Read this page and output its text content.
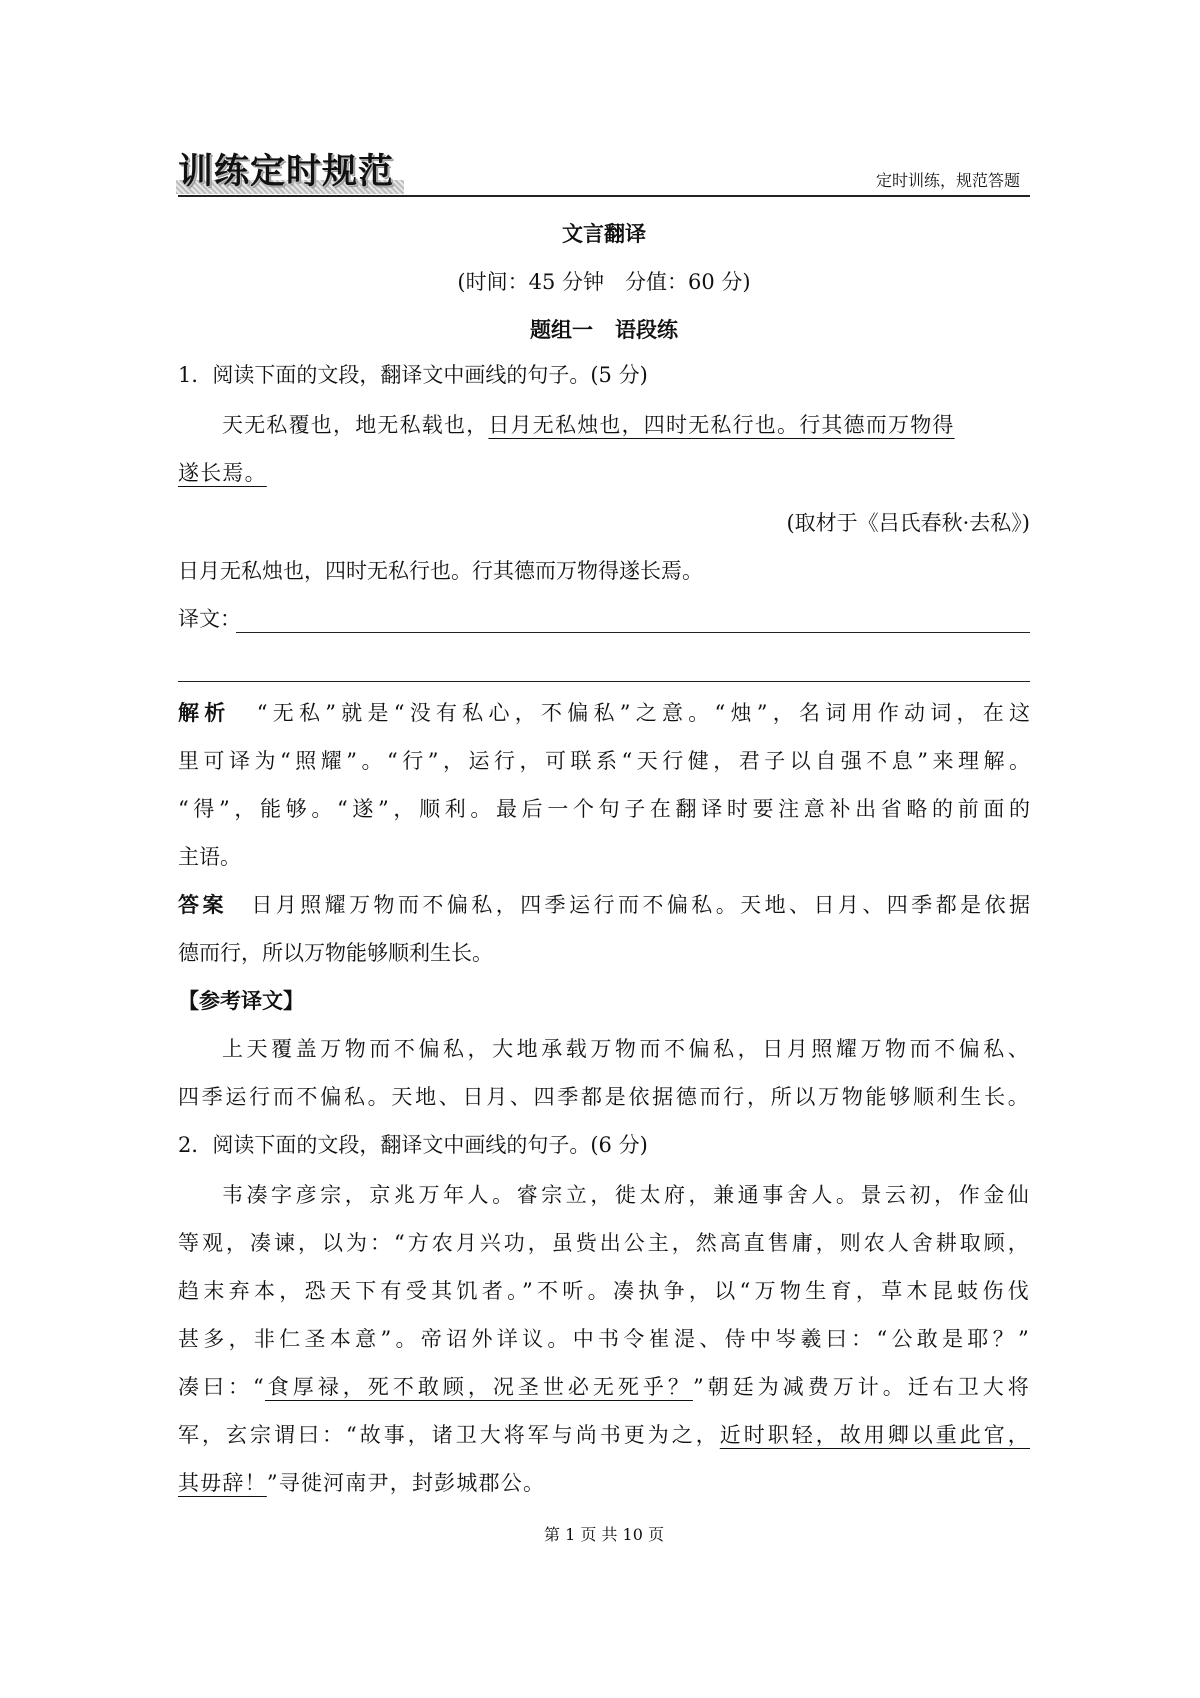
训练定时规范	定时训练，规范答题
文言翻译
(时间：45 分钟　分值：60 分)
题组一 语段练
1．阅读下面的文段，翻译文中画线的句子。(5 分)
天无私覆也，地无私载也，日月无私烛也，四时无私行也。行其德而万物得
遂长焉。
(取材于《吕氏春秋·去私》)
日月无私烛也，四时无私行也。行其德而万物得遂长焉。
译文：
解析　 “无私”就是“没有私心，不偏私”之意。“烛”，名词用作动词，在这
里可译为“照耀”。“行”，运行，可联系“天行健，君子以自强不息”来理解。
“得”，能够。“遂”，顺利。最后一个句子在翻译时要注意补出省略的前面的
主语。
答案　 日月照耀万物而不偏私，四季运行而不偏私。天地、日月、四季都是依据
德而行，所以万物能够顺利生长。
【参考译文】
上天覆盖万物而不偏私，大地承载万物而不偏私，日月照耀万物而不偏私、
四季运行而不偏私。天地、日月、四季都是依据德而行，所以万物能够顺利生长。
2．阅读下面的文段，翻译文中画线的句子。(6 分)
韦凑字彦宗，京兆万年人。睿宗立，徙太府，兼通事舍人。景云初，作金仙
等观，凑谏，以为：“方农月兴功，虽赀出公主，然高直售庸，则农人舍耕取顾，
趋末弃本，恐天下有受其饥者。”不听。凑执争，以“万物生育，草木昆蚑伤伐
甚多，非仁圣本意”。帝诏外详议。中书令崔湜、侍中岑羲曰：“公敢是耶？”
凑曰：“食厚禄，死不敢顾，况圣世必无死乎？”朝廷为减费万计。迁右卫大将
军，玄宗谓曰：“故事，诸卫大将军与尚书更为之，近时职轻，故用卿以重此官，
其毋辞！”寻徙河南尹，封彭城郡公。
第 1 页 共 10 页
